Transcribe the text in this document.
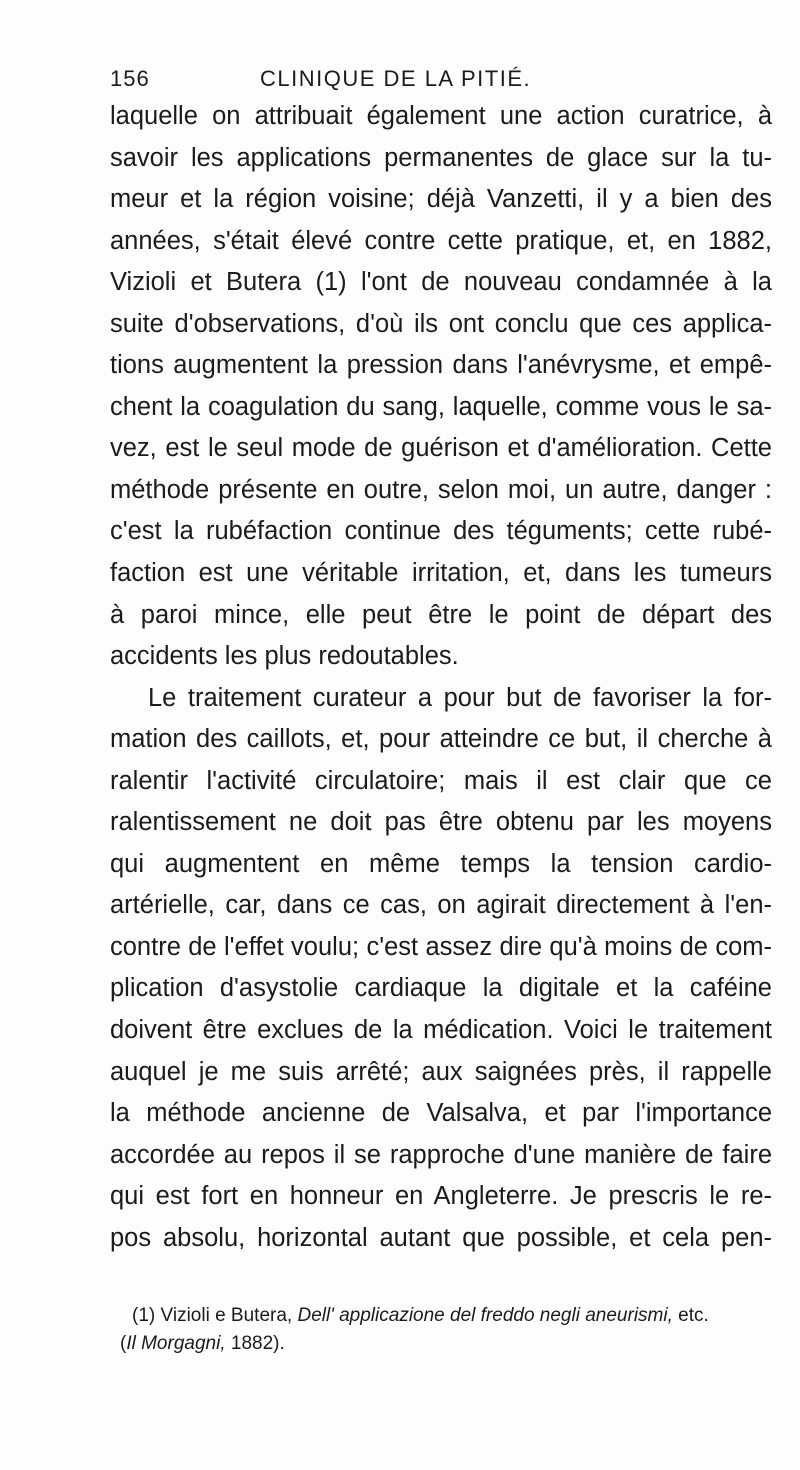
156	CLINIQUE DE LA PITIÉ.
laquelle on attribuait également une action curatrice, à
savoir les applications permanentes de glace sur la tu-
meur et la région voisine; déjà Vanzetti, il y a bien des
années, s'était élevé contre cette pratique, et, en 1882,
Vizioli et Butera (1) l'ont de nouveau condamnée à la
suite d'observations, d'où ils ont conclu que ces applica-
tions augmentent la pression dans l'anévrysme, et empê-
chent la coagulation du sang, laquelle, comme vous le sa-
vez, est le seul mode de guérison et d'amélioration. Cette
méthode présente en outre, selon moi, un autre, danger :
c'est la rubéfaction continue des téguments; cette rubé-
faction est une véritable irritation, et, dans les tumeurs
à paroi mince, elle peut être le point de départ des
accidents les plus redoutables.
Le traitement curateur a pour but de favoriser la for-
mation des caillots, et, pour atteindre ce but, il cherche à
ralentir l'activité circulatoire; mais il est clair que ce
ralentissement ne doit pas être obtenu par les moyens
qui augmentent en même temps la tension cardio-
artérielle, car, dans ce cas, on agirait directement à l'en-
contre de l'effet voulu; c'est assez dire qu'à moins de com-
plication d'asystolie cardiaque la digitale et la caféine
doivent être exclues de la médication. Voici le traitement
auquel je me suis arrêté; aux saignées près, il rappelle
la méthode ancienne de Valsalva, et par l'importance
accordée au repos il se rapproche d'une manière de faire
qui est fort en honneur en Angleterre. Je prescris le re-
pos absolu, horizontal autant que possible, et cela pen-
(1) Vizioli e Butera, Dell' applicazione del freddo negli aneurismi, etc.
(Il Morgagni, 1882).
